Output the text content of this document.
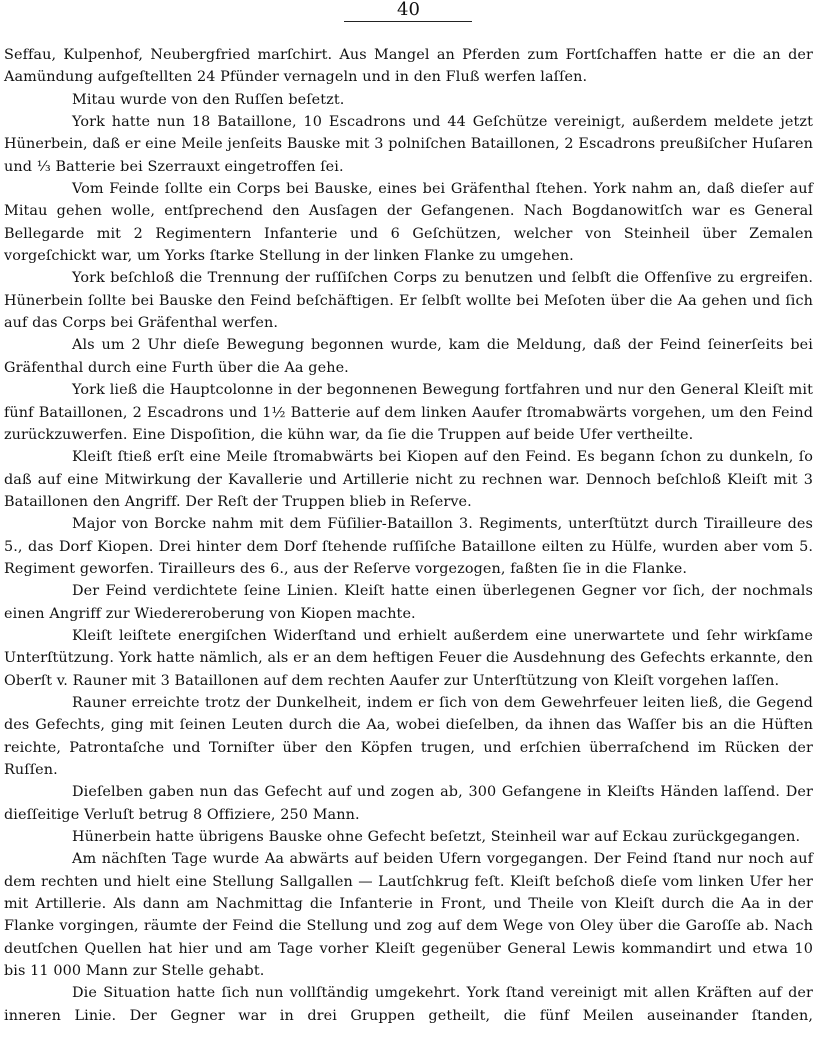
40

Seffau, Kulpenhof, Neubergfried marſchirt. Aus Mangel an Pferden zum Fortſchaffen hatte er die an der Aamündung aufgeſtellten 24 Pfünder vernageln und in den Fluß werfen laſſen.

Mitau wurde von den Ruſſen beſetzt.

York hatte nun 18 Bataillone, 10 Escadrons und 44 Geſchütze vereinigt, außerdem meldete jetzt Hünerbein, daß er eine Meile jenſeits Bauske mit 3 polniſchen Bataillonen, 2 Escadrons preußiſcher Huſaren und ⅓ Batterie bei Szerrauxt eingetroffen ſei.

Vom Feinde ſollte ein Corps bei Bauske, eines bei Gräfenthal ſtehen. York nahm an, daß dieſer auf Mitau gehen wolle, entſprechend den Ausſagen der Gefangenen. Nach Bogdanowitſch war es General Bellegarde mit 2 Regimentern Infanterie und 6 Geſchützen, welcher von Steinheil über Zemalen vorgeſchickt war, um Yorks ſtarke Stellung in der linken Flanke zu umgehen.

York beſchloß die Trennung der ruſſiſchen Corps zu benutzen und ſelbſt die Offenſive zu ergreifen. Hünerbein ſollte bei Bauske den Feind beſchäftigen. Er ſelbſt wollte bei Meſoten über die Aa gehen und ſich auf das Corps bei Gräfenthal werfen.

Als um 2 Uhr dieſe Bewegung begonnen wurde, kam die Meldung, daß der Feind ſeinerſeits bei Gräfenthal durch eine Furth über die Aa gehe.

York ließ die Hauptcolonne in der begonnenen Bewegung fortfahren und nur den General Kleiſt mit fünf Bataillonen, 2 Escadrons und 1½ Batterie auf dem linken Aaufer ſtromabwärts vorgehen, um den Feind zurückzuwerfen. Eine Dispoſition, die kühn war, da ſie die Truppen auf beide Ufer vertheilte.

Kleiſt ſtieß erſt eine Meile ſtromabwärts bei Kiopen auf den Feind. Es begann ſchon zu dunkeln, ſo daß auf eine Mitwirkung der Kavallerie und Artillerie nicht zu rechnen war. Dennoch beſchloß Kleiſt mit 3 Bataillonen den Angriff. Der Reſt der Truppen blieb in Reſerve.

Major von Borcke nahm mit dem Füſilier-Bataillon 3. Regiments, unterſtützt durch Tirailleure des 5., das Dorf Kiopen. Drei hinter dem Dorf ſtehende ruſſiſche Bataillone eilten zu Hülfe, wurden aber vom 5. Regiment geworfen. Tirailleurs des 6., aus der Reſerve vorgezogen, faßten ſie in die Flanke.

Der Feind verdichtete ſeine Linien. Kleiſt hatte einen überlegenen Gegner vor ſich, der nochmals einen Angriff zur Wiedereroberung von Kiopen machte.

Kleiſt leiſtete energiſchen Widerſtand und erhielt außerdem eine unerwartete und ſehr wirkſame Unterſtützung. York hatte nämlich, als er an dem heftigen Feuer die Ausdehnung des Gefechts erkannte, den Oberſt v. Rauner mit 3 Bataillonen auf dem rechten Aaufer zur Unterſtützung von Kleiſt vorgehen laſſen.

Rauner erreichte trotz der Dunkelheit, indem er ſich von dem Gewehrfeuer leiten ließ, die Gegend des Gefechts, ging mit ſeinen Leuten durch die Aa, wobei dieſelben, da ihnen das Waſſer bis an die Hüften reichte, Patrontaſche und Torniſter über den Köpfen trugen, und erſchien überraſchend im Rücken der Ruſſen.

Dieſelben gaben nun das Gefecht auf und zogen ab, 300 Gefangene in Kleiſts Händen laſſend. Der dieſſeitige Verluſt betrug 8 Offiziere, 250 Mann.

Hünerbein hatte übrigens Bauske ohne Gefecht beſetzt, Steinheil war auf Eckau zurückgegangen.

Am nächſten Tage wurde Aa abwärts auf beiden Ufern vorgegangen. Der Feind ſtand nur noch auf dem rechten und hielt eine Stellung Sallgallen — Lautſchkrug feſt. Kleiſt beſchoß dieſe vom linken Ufer her mit Artillerie. Als dann am Nachmittag die Infanterie in Front, und Theile von Kleiſt durch die Aa in der Flanke vorgingen, räumte der Feind die Stellung und zog auf dem Wege von Oley über die Garoſſe ab. Nach deutſchen Quellen hat hier und am Tage vorher Kleiſt gegenüber General Lewis kommandirt und etwa 10 bis 11 000 Mann zur Stelle gehabt.

Die Situation hatte ſich nun vollſtändig umgekehrt. York ſtand vereinigt mit allen Kräften auf der inneren Linie. Der Gegner war in drei Gruppen getheilt, die fünf Meilen auseinander ſtanden,
